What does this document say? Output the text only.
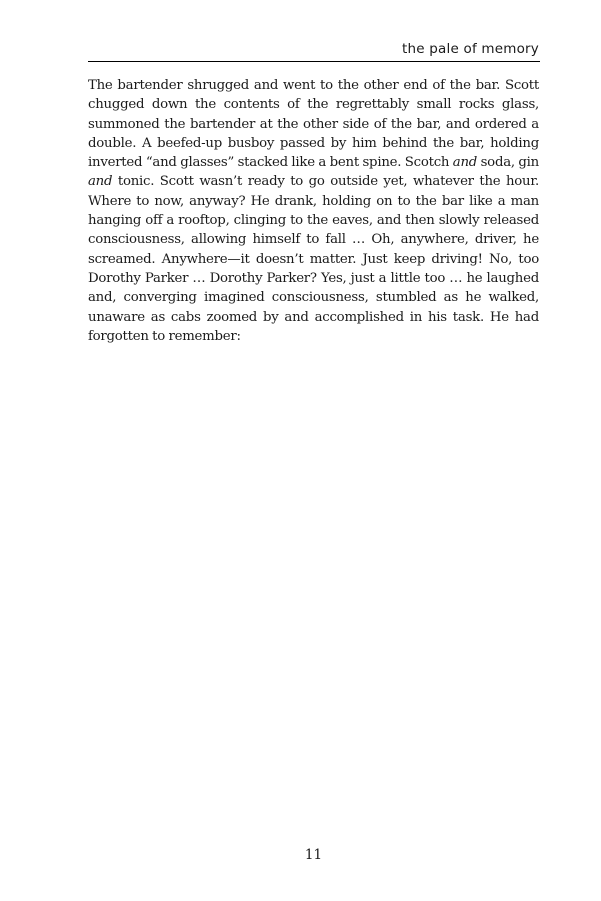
the pale of memory

The bartender shrugged and went to the other end of the bar. Scott chugged down the contents of the regrettably small rocks glass, summoned the bartender at the other side of the bar, and ordered a double. A beefed-up busboy passed by him behind the bar, holding inverted “and glasses” stacked like a bent spine. Scotch and soda, gin and tonic. Scott wasn’t ready to go outside yet, whatever the hour. Where to now, anyway? He drank, holding on to the bar like a man hanging off a rooftop, clinging to the eaves, and then slowly released consciousness, allowing himself to fall … Oh, anywhere, driver, he screamed. Anywhere—it doesn’t matter. Just keep driving! No, too Dorothy Parker … Dorothy Parker? Yes, just a little too … he laughed and, converging imagined consciousness, stumbled as he walked, unaware as cabs zoomed by and accomplished in his task. He had forgotten to remember:

11
